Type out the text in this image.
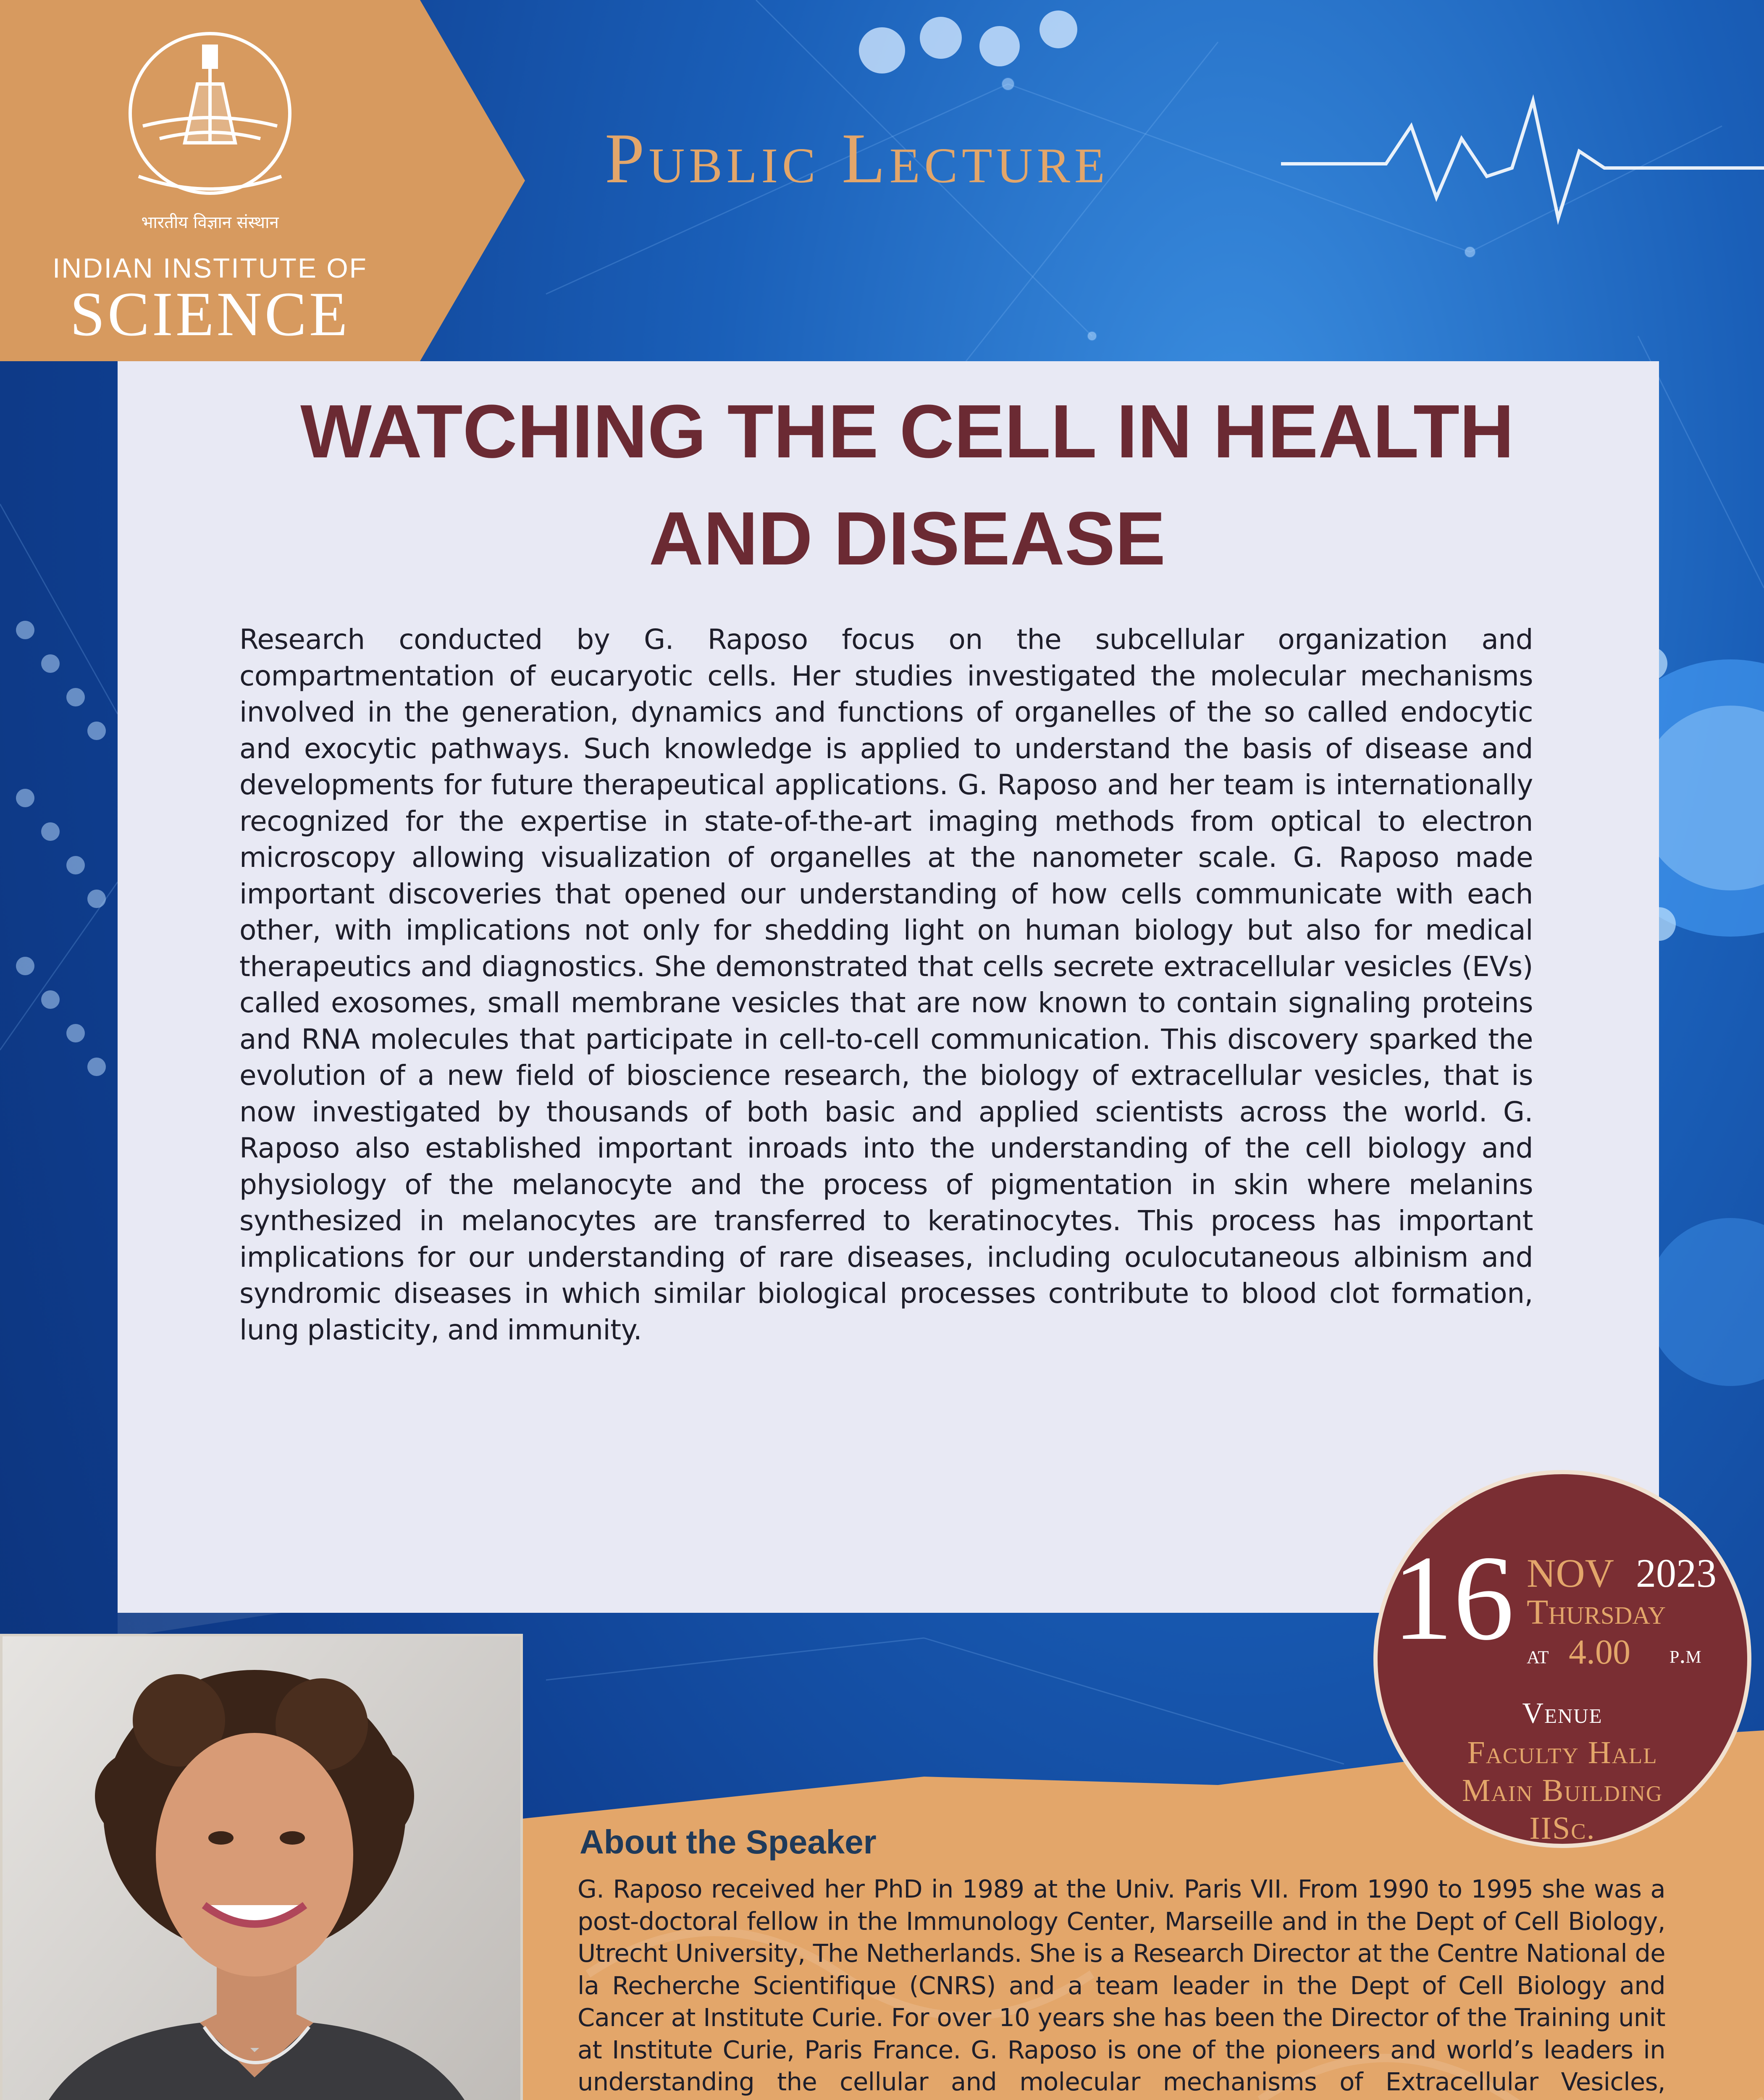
भारतीय विज्ञान संस्थान
INDIAN INSTITUTE OF
SCIENCE
Public Lecture
WATCHING THE CELL IN HEALTH AND DISEASE
Research conducted by G. Raposo focus on the subcellular organization and compartmentation of eucaryotic cells. Her studies investigated the molecular mechanisms involved in the generation, dynamics and functions of organelles of the so called endocytic and exocytic pathways. Such knowledge is applied to understand the basis of disease and developments for future therapeutical applications. G. Raposo and her team is internationally recognized for the expertise in state-of-the-art imaging methods from optical to electron microscopy allowing visualization of organelles at the nanometer scale. G. Raposo made important discoveries that opened our understanding of how cells communicate with each other, with implications not only for shedding light on human biology but also for medical therapeutics and diagnostics. She demonstrated that cells secrete extracellular vesicles (EVs) called exosomes, small membrane vesicles that are now known to contain signaling proteins and RNA molecules that participate in cell-to-cell communication. This discovery sparked the evolution of a new field of bioscience research, the biology of extracellular vesicles, that is now investigated by thousands of both basic and applied scientists across the world. G. Raposo also established important inroads into the understanding of the cell biology and physiology of the melanocyte and the process of pigmentation in skin where melanins synthesized in melanocytes are transferred to keratinocytes. This process has important implications for our understanding of rare diseases, including oculocutaneous albinism and syndromic diseases in which similar biological processes contribute to blood clot formation, lung plasticity, and immunity.
16 NOV 2023
Thursday
at 4.00 p.m
Venue
Faculty Hall
Main Building
IISc.
About the Speaker
G. Raposo received her PhD in 1989 at the Univ. Paris VII. From 1990 to 1995 she was a post-doctoral fellow in the Immunology Center, Marseille and in the Dept of Cell Biology, Utrecht University, The Netherlands. She is a Research Director at the Centre National de la Recherche Scientifique (CNRS) and a team leader in the Dept of Cell Biology and Cancer at Institute Curie. For over 10 years she has been the Director of the Training unit at Institute Curie, Paris France. G. Raposo is one of the pioneers and world’s leaders in understanding the cellular and molecular mechanisms of Extracellular Vesicles,
